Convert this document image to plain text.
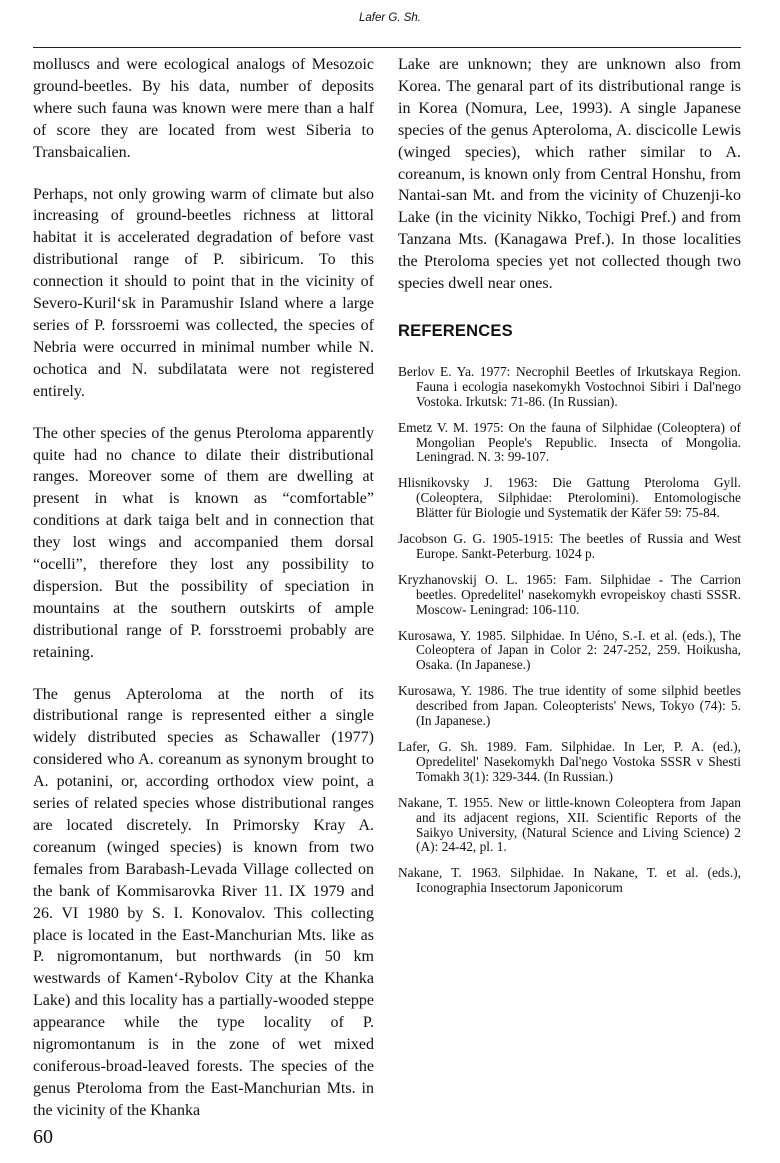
Lafer G. Sh.

molluscs and were ecological analogs of Mesozoic ground-beetles. By his data, number of deposits where such fauna was known were mere than a half of score they are located from west Siberia to Transbaicalien.

Perhaps, not only growing warm of climate but also increasing of ground-beetles richness at littoral habitat it is accelerated degradation of before vast distributional range of P. sibiricum. To this connection it should to point that in the vicinity of Severo-Kuril‘sk in Paramushir Island where a large series of P. forssroemi was collected, the species of Nebria were occurred in minimal number while N. ochotica and N. subdilatata were not registered entirely.

The other species of the genus Pteroloma apparently quite had no chance to dilate their distributional ranges. Moreover some of them are dwelling at present in what is known as “comfortable” conditions at dark taiga belt and in connection that they lost wings and accompanied them dorsal “ocelli”, therefore they lost any possibility to dispersion. But the possibility of speciation in mountains at the southern outskirts of ample distributional range of P. forsstroemi probably are retaining.

The genus Apteroloma at the north of its distributional range is represented either a single widely distributed species as Schawaller (1977) considered who A. coreanum as synonym brought to A. potanini, or, according orthodox view point, a series of related species whose distributional ranges are located discretely. In Primorsky Kray A. coreanum (winged species) is known from two females from Barabash-Levada Village collected on the bank of Kommisarovka River 11. IX 1979 and 26. VI 1980 by S. I. Konovalov. This collecting place is located in the East-Manchurian Mts. like as P. nigromontanum, but northwards (in 50 km westwards of Kamen‘-Rybolov City at the Khanka Lake) and this locality has a partially-wooded steppe appearance while the type locality of P. nigromontanum is in the zone of wet mixed coniferous-broad-leaved forests. The species of the genus Pteroloma from the East-Manchurian Mts. in the vicinity of the Khanka

Lake are unknown; they are unknown also from Korea. The genaral part of its distributional range is in Korea (Nomura, Lee, 1993). A single Japanese species of the genus Apteroloma, A. discicolle Lewis (winged species), which rather similar to A. coreanum, is known only from Central Honshu, from Nantai-san Mt. and from the vicinity of Chuzenji-ko Lake (in the vicinity Nikko, Tochigi Pref.) and from Tanzana Mts. (Kanagawa Pref.). In those localities the Pteroloma species yet not collected though two species dwell near ones.

REFERENCES
Berlov E. Ya. 1977: Necrophil Beetles of Irkutskaya Region. Fauna i ecologia nasekomykh Vostochnoi Sibiri i Dal'nego Vostoka. Irkutsk: 71-86. (In Russian).
Emetz V. M. 1975: On the fauna of Silphidae (Coleoptera) of Mongolian People's Republic. Insecta of Mongolia. Leningrad. N. 3: 99-107.
Hlisnikovsky J. 1963: Die Gattung Pteroloma Gyll. (Coleoptera, Silphidae: Pterolomini). Entomologische Blätter für Biologie und Systematik der Käfer 59: 75-84.
Jacobson G. G. 1905-1915: The beetles of Russia and West Europe. Sankt-Peterburg. 1024 p.
Kryzhanovskij O. L. 1965: Fam. Silphidae - The Carrion beetles. Opredelitel' nasekomykh evropeiskoy chasti SSSR. Moscow- Leningrad: 106-110.
Kurosawa, Y. 1985. Silphidae. In Uéno, S.-I. et al. (eds.), The Coleoptera of Japan in Color 2: 247-252, 259. Hoikusha, Osaka. (In Japanese.)
Kurosawa, Y. 1986. The true identity of some silphid beetles described from Japan. Coleopterists' News, Tokyo (74): 5. (In Japanese.)
Lafer, G. Sh. 1989. Fam. Silphidae. In Ler, P. A. (ed.), Opredelitel' Nasekomykh Dal'nego Vostoka SSSR v Shesti Tomakh 3(1): 329-344. (In Russian.)
Nakane, T. 1955. New or little-known Coleoptera from Japan and its adjacent regions, XII. Scientific Reports of the Saikyo University, (Natural Science and Living Science) 2 (A): 24-42, pl. 1.
Nakane, T. 1963. Silphidae. In Nakane, T. et al. (eds.), Iconographia Insectorum Japonicorum
60
